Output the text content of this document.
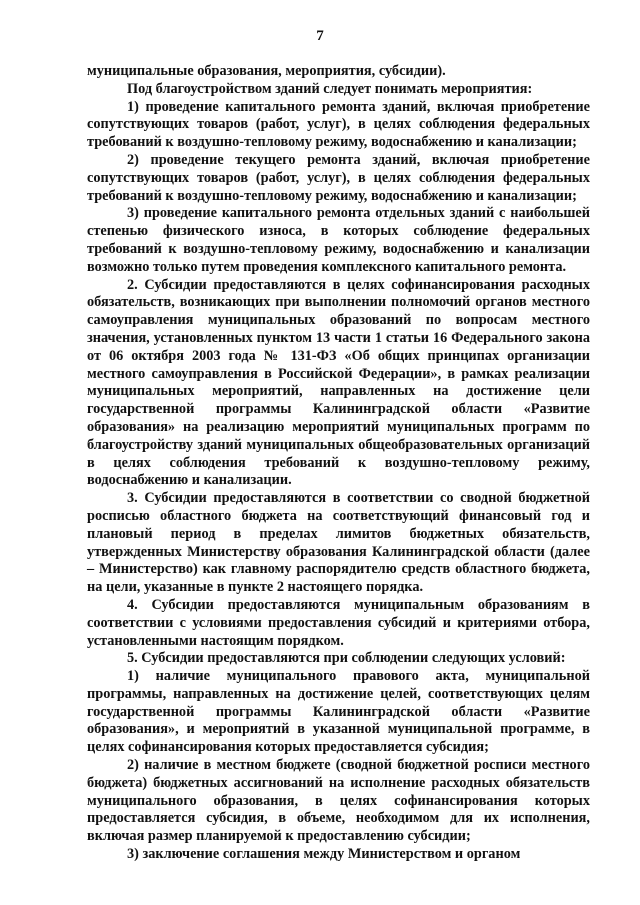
7

муниципальные образования, мероприятия, субсидии).

Под благоустройством зданий следует понимать мероприятия:

1) проведение капитального ремонта зданий, включая приобретение сопутствующих товаров (работ, услуг), в целях соблюдения федеральных требований к воздушно-тепловому режиму, водоснабжению и канализации;

2) проведение текущего ремонта зданий, включая приобретение сопутствующих товаров (работ, услуг), в целях соблюдения федеральных требований к воздушно-тепловому режиму, водоснабжению и канализации;

3) проведение капитального ремонта отдельных зданий с наибольшей степенью физического износа, в которых соблюдение федеральных требований к воздушно-тепловому режиму, водоснабжению и канализации возможно только путем проведения комплексного капитального ремонта.

2. Субсидии предоставляются в целях софинансирования расходных обязательств, возникающих при выполнении полномочий органов местного самоуправления муниципальных образований по вопросам местного значения, установленных пунктом 13 части 1 статьи 16 Федерального закона от 06 октября 2003 года № 131-ФЗ «Об общих принципах организации местного самоуправления в Российской Федерации», в рамках реализации муниципальных мероприятий, направленных на достижение цели государственной программы Калининградской области «Развитие образования» на реализацию мероприятий муниципальных программ по благоустройству зданий муниципальных общеобразовательных организаций в целях соблюдения требований к воздушно-тепловому режиму, водоснабжению и канализации.

3. Субсидии предоставляются в соответствии со сводной бюджетной росписью областного бюджета на соответствующий финансовый год и плановый период в пределах лимитов бюджетных обязательств, утвержденных Министерству образования Калининградской области (далее – Министерство) как главному распорядителю средств областного бюджета, на цели, указанные в пункте 2 настоящего порядка.

4. Субсидии предоставляются муниципальным образованиям в соответствии с условиями предоставления субсидий и критериями отбора, установленными настоящим порядком.

5. Субсидии предоставляются при соблюдении следующих условий:

1) наличие муниципального правового акта, муниципальной программы, направленных на достижение целей, соответствующих целям государственной программы Калининградской области «Развитие образования», и мероприятий в указанной муниципальной программе, в целях софинансирования которых предоставляется субсидия;

2) наличие в местном бюджете (сводной бюджетной росписи местного бюджета) бюджетных ассигнований на исполнение расходных обязательств муниципального образования, в целях софинансирования которых предоставляется субсидия, в объеме, необходимом для их исполнения, включая размер планируемой к предоставлению субсидии;

3) заключение соглашения между Министерством и органом
